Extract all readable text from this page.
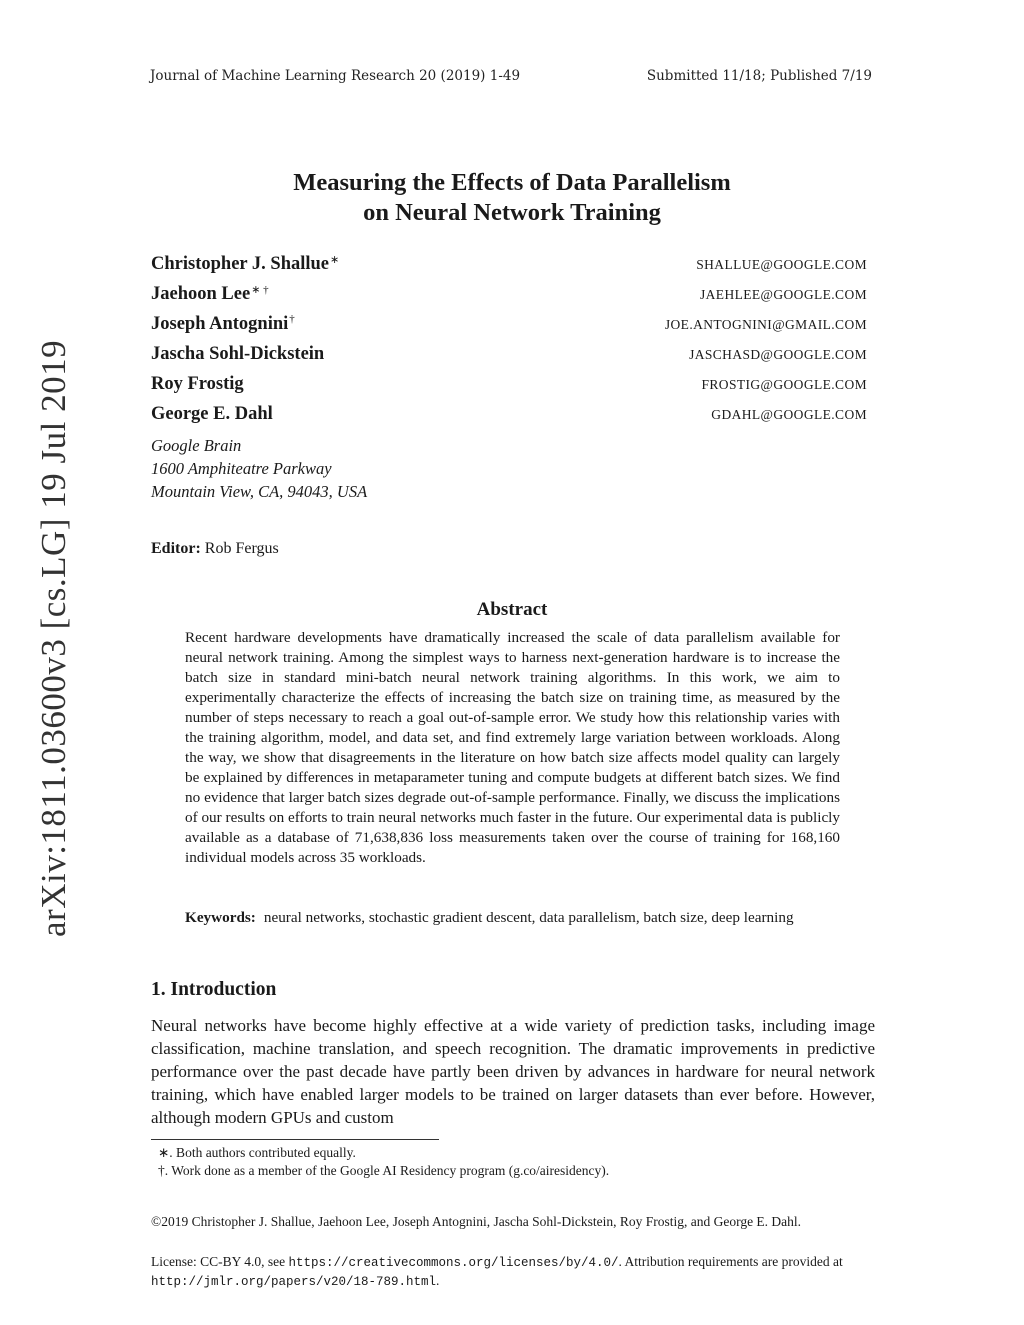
Journal of Machine Learning Research 20 (2019) 1-49	Submitted 11/18; Published 7/19
arXiv:1811.03600v3 [cs.LG] 19 Jul 2019
Measuring the Effects of Data Parallelism
on Neural Network Training
Christopher J. Shallue∗	SHALLUE@GOOGLE.COM
Jaehoon Lee∗ †	JAEHLEE@GOOGLE.COM
Joseph Antognini†	JOE.ANTOGNINI@GMAIL.COM
Jascha Sohl-Dickstein	JASCHASD@GOOGLE.COM
Roy Frostig	FROSTIG@GOOGLE.COM
George E. Dahl	GDAHL@GOOGLE.COM
Google Brain
1600 Amphiteatre Parkway
Mountain View, CA, 94043, USA
Editor: Rob Fergus
Abstract
Recent hardware developments have dramatically increased the scale of data parallelism available for neural network training. Among the simplest ways to harness next-generation hardware is to increase the batch size in standard mini-batch neural network training algorithms. In this work, we aim to experimentally characterize the effects of increasing the batch size on training time, as measured by the number of steps necessary to reach a goal out-of-sample error. We study how this relationship varies with the training algorithm, model, and data set, and find extremely large variation between workloads. Along the way, we show that disagreements in the literature on how batch size affects model quality can largely be explained by differences in metaparameter tuning and compute budgets at different batch sizes. We find no evidence that larger batch sizes degrade out-of-sample performance. Finally, we discuss the implications of our results on efforts to train neural networks much faster in the future. Our experimental data is publicly available as a database of 71,638,836 loss measurements taken over the course of training for 168,160 individual models across 35 workloads.
Keywords: neural networks, stochastic gradient descent, data parallelism, batch size, deep learning
1. Introduction
Neural networks have become highly effective at a wide variety of prediction tasks, including image classification, machine translation, and speech recognition. The dramatic improvements in predictive performance over the past decade have partly been driven by advances in hardware for neural network training, which have enabled larger models to be trained on larger datasets than ever before. However, although modern GPUs and custom
∗. Both authors contributed equally.
†. Work done as a member of the Google AI Residency program (g.co/airesidency).
©2019 Christopher J. Shallue, Jaehoon Lee, Joseph Antognini, Jascha Sohl-Dickstein, Roy Frostig, and George E. Dahl.
License: CC-BY 4.0, see https://creativecommons.org/licenses/by/4.0/. Attribution requirements are provided at http://jmlr.org/papers/v20/18-789.html.
